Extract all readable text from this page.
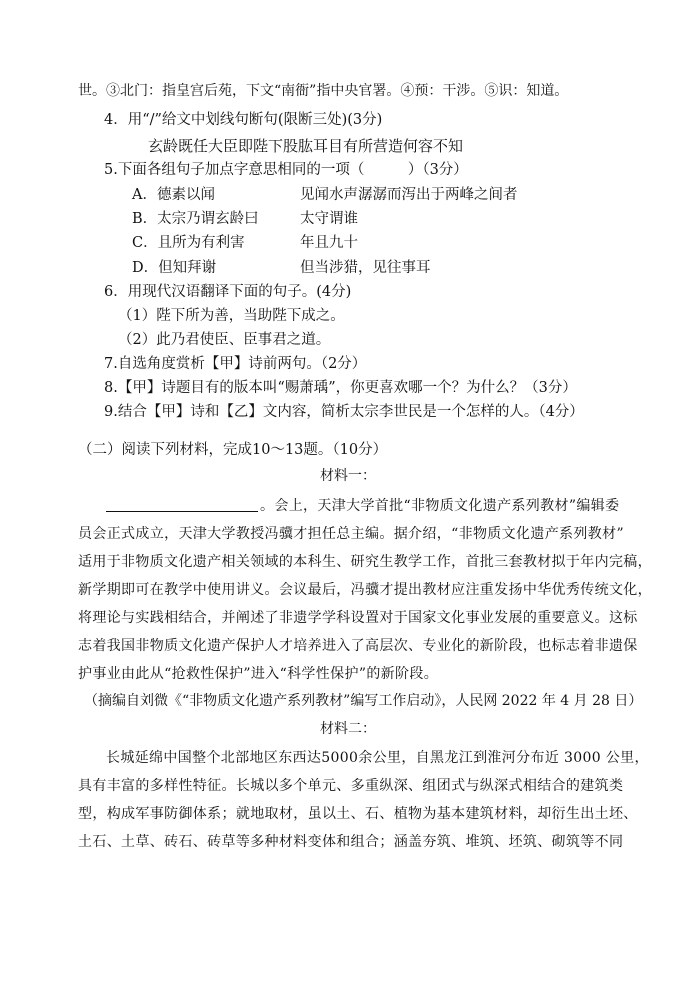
世。③北门：指皇宫后苑，下文“南衙”指中央官署。④预：干涉。⑤识：知道。
4．用“/”给文中划线句断句(限断三处)(3分)
玄龄既任大臣即陛下股肱耳目有所营造何容不知
5.下面各组句子加点字意思相同的一项（　　　）（3分）
A．德素以闻	见闻水声潺潺而泻出于两峰之间者
B．太宗乃谓玄龄曰	太守谓谁
C．且所为有利害	年且九十
D．但知拜谢	但当涉猎，见往事耳
6．用现代汉语翻译下面的句子。(4分)
（1）陛下所为善，当助陛下成之。
（2）此乃君使臣、臣事君之道。
7.自选角度赏析【甲】诗前两句。（2分）
8.【甲】诗题目有的版本叫“赐萧瑀”，你更喜欢哪一个？为什么？（3分）
9.结合【甲】诗和【乙】文内容，简析太宗李世民是一个怎样的人。（4分）
（二）阅读下列材料，完成10～13题。（10分）
材料一：
。会上，天津大学首批“非物质文化遗产系列教材”编辑委
员会正式成立，天津大学教授冯骥才担任总主编。据介绍，“非物质文化遗产系列教材”
适用于非物质文化遗产相关领域的本科生、研究生教学工作，首批三套教材拟于年内完稿，
新学期即可在教学中使用讲义。会议最后，冯骥才提出教材应注重发扬中华优秀传统文化，
将理论与实践相结合，并阐述了非遗学学科设置对于国家文化事业发展的重要意义。这标
志着我国非物质文化遗产保护人才培养进入了高层次、专业化的新阶段，也标志着非遗保
护事业由此从“抢救性保护”进入“科学性保护”的新阶段。
（摘编自刘微《“非物质文化遗产系列教材”编写工作启动》，人民网 2022 年 4 月 28 日）
材料二：
长城延绵中国整个北部地区东西达5000余公里，自黑龙江到淮河分布近 3000 公里，
具有丰富的多样性特征。长城以多个单元、多重纵深、组团式与纵深式相结合的建筑类
型，构成军事防御体系；就地取材，虽以土、石、植物为基本建筑材料，却衍生出土坯、
土石、土草、砖石、砖草等多种材料变体和组合；涵盖夯筑、堆筑、坯筑、砌筑等不同
